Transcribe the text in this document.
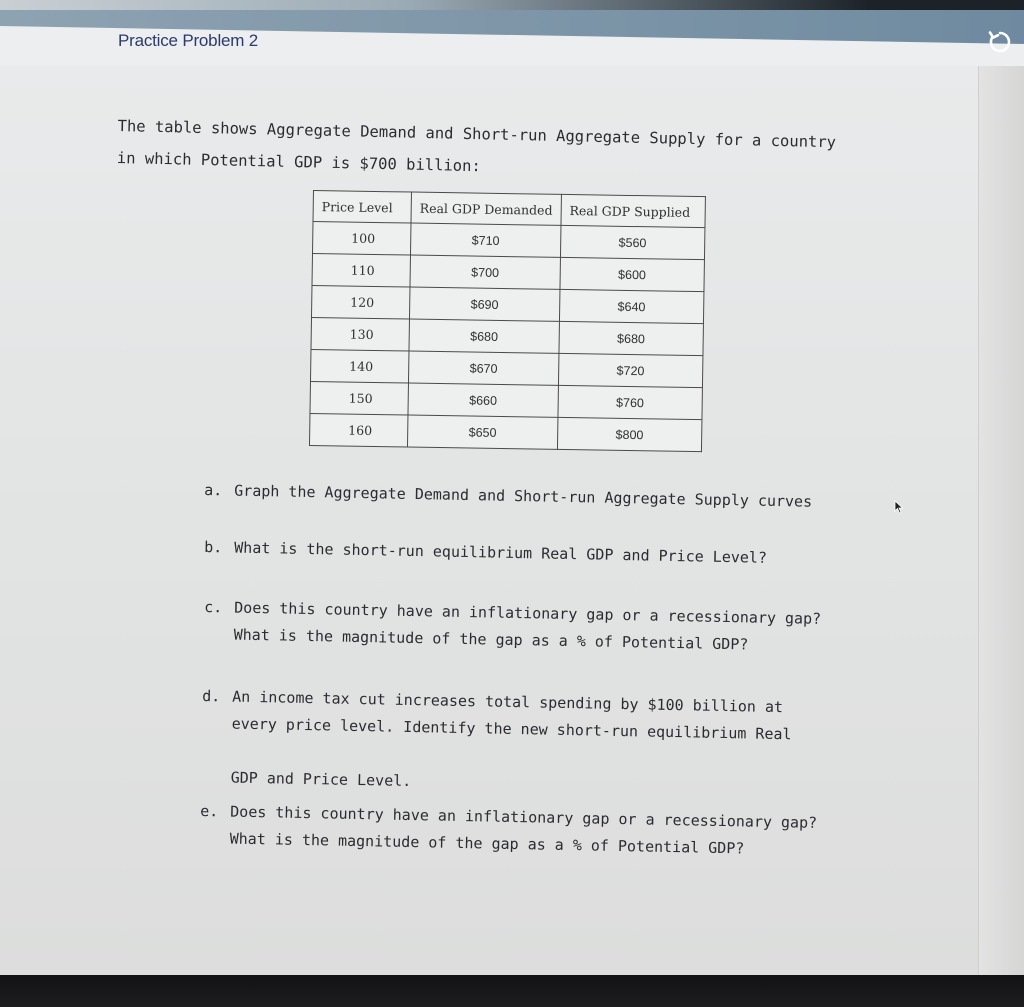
Practice Problem 2
The table shows Aggregate Demand and Short-run Aggregate Supply for a country
in which Potential GDP is $700 billion:
Price Level	Real GDP Demanded	Real GDP Supplied
100	$710	$560
110	$700	$600
120	$690	$640
130	$680	$680
140	$670	$720
150	$660	$760
160	$650	$800

a. Graph the Aggregate Demand and Short-run Aggregate Supply curves

b. What is the short-run equilibrium Real GDP and Price Level?

c. Does this country have an inflationary gap or a recessionary gap?

What is the magnitude of the gap as a % of Potential GDP?

d. An income tax cut increases total spending by $100 billion at

every price level. Identify the new short-run equilibrium Real

GDP and Price Level.

e. Does this country have an inflationary gap or a recessionary gap?

What is the magnitude of the gap as a % of Potential GDP?
